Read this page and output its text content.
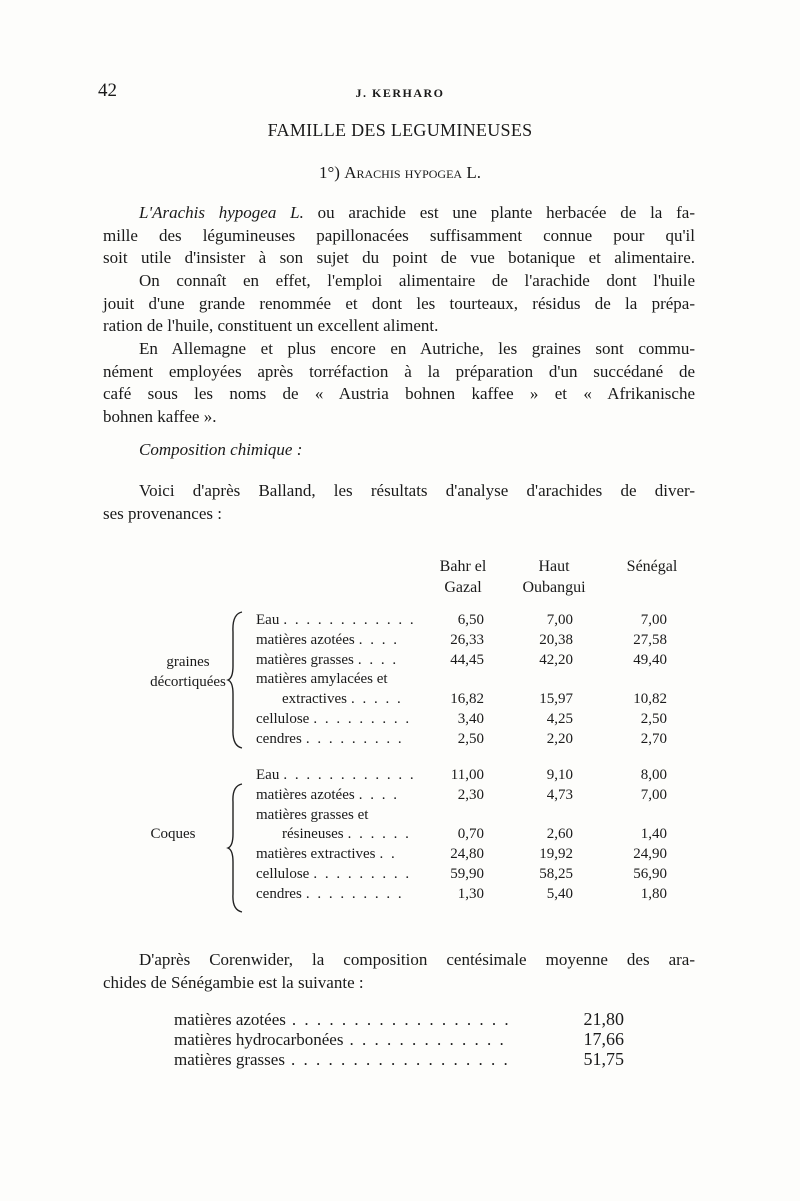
42	J. KERHARO
FAMILLE DES LEGUMINEUSES
1°) Arachis hypogea L.
L'Arachis hypogea L. ou arachide est une plante herbacée de la fa-
mille des légumineuses papillonacées suffisamment connue pour qu'il
soit utile d'insister à son sujet du point de vue botanique et alimentaire.
On connaît en effet, l'emploi alimentaire de l'arachide dont l'huile
jouit d'une grande renommée et dont les tourteaux, résidus de la prépa-
ration de l'huile, constituent un excellent aliment.
En Allemagne et plus encore en Autriche, les graines sont commu-
nément employées après torréfaction à la préparation d'un succédané de
café sous les noms de « Austria bohnen kaffee » et « Afrikanische
bohnen kaffee ».
Composition chimique :
Voici d'après Balland, les résultats d'analyse d'arachides de diver-
ses provenances :
Bahr el
Gazal
Haut
Oubangui
Sénégal
graines
décortiquées
Coques
Eau . . . . . . . . . . . .	6,50	7,00	7,00
matières azotées . . . .	26,33	20,38	27,58
matières grasses . . . .	44,45	42,20	49,40
matières amylacées et
extractives . . . . .	16,82	15,97	10,82
cellulose . . . . . . . . .	3,40	4,25	2,50
cendres . . . . . . . . .	2,50	2,20	2,70
Eau . . . . . . . . . . . .	11,00	9,10	8,00
matières azotées . . . .	2,30	4,73	7,00
matières grasses et
résineuses . . . . . .	0,70	2,60	1,40
matières extractives . .	24,80	19,92	24,90
cellulose . . . . . . . . .	59,90	58,25	56,90
cendres . . . . . . . . .	1,30	5,40	1,80
D'après Corenwider, la composition centésimale moyenne des ara-
chides de Sénégambie est la suivante :
matières azotées . . . . . . . . . . . . . . . . . .	21,80
matières hydrocarbonées . . . . . . . . . . . . .	17,66
matières grasses . . . . . . . . . . . . . . . . . .	51,75
